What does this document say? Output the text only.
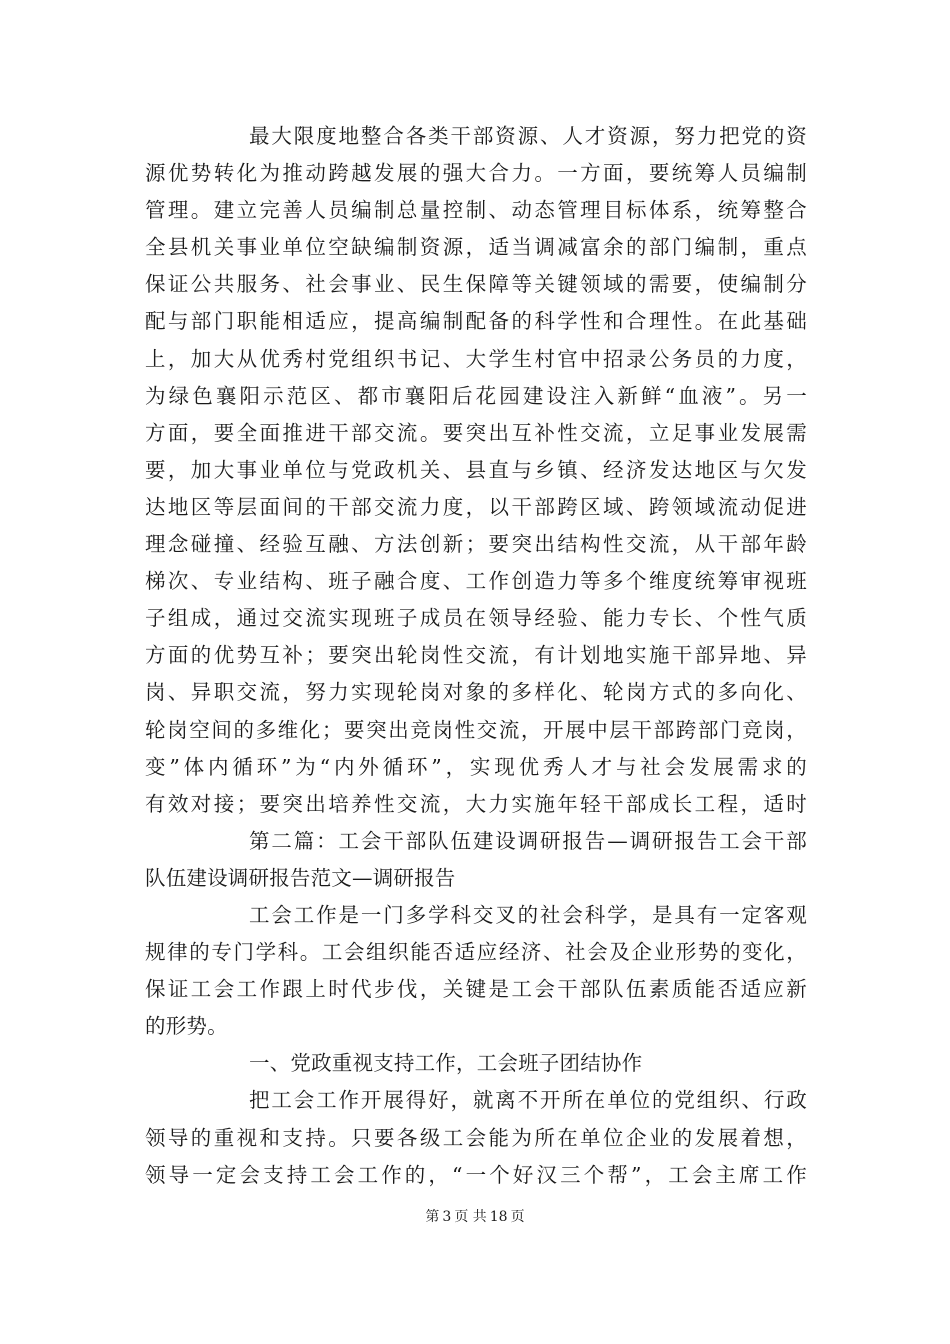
最大限度地整合各类干部资源、人才资源，努力把党的资
源优势转化为推动跨越发展的强大合力。一方面，要统筹人员编制
管理。建立完善人员编制总量控制、动态管理目标体系，统筹整合
全县机关事业单位空缺编制资源，适当调减富余的部门编制，重点
保证公共服务、社会事业、民生保障等关键领域的需要，使编制分
配与部门职能相适应，提高编制配备的科学性和合理性。在此基础
上，加大从优秀村党组织书记、大学生村官中招录公务员的力度，
为绿色襄阳示范区、都市襄阳后花园建设注入新鲜“血液”。另一
方面，要全面推进干部交流。要突出互补性交流，立足事业发展需
要，加大事业单位与党政机关、县直与乡镇、经济发达地区与欠发
达地区等层面间的干部交流力度，以干部跨区域、跨领域流动促进
理念碰撞、经验互融、方法创新；要突出结构性交流，从干部年龄
梯次、专业结构、班子融合度、工作创造力等多个维度统筹审视班
子组成，通过交流实现班子成员在领导经验、能力专长、个性气质
方面的优势互补；要突出轮岗性交流，有计划地实施干部异地、异
岗、异职交流，努力实现轮岗对象的多样化、轮岗方式的多向化、
轮岗空间的多维化；要突出竞岗性交流，开展中层干部跨部门竞岗，
变”体内循环”为“内外循环”，实现优秀人才与社会发展需求的
有效对接；要突出培养性交流，大力实施年轻干部成长工程，适时
第二篇：工会干部队伍建设调研报告—调研报告工会干部
队伍建设调研报告范文—调研报告
工会工作是一门多学科交叉的社会科学，是具有一定客观
规律的专门学科。工会组织能否适应经济、社会及企业形势的变化，
保证工会工作跟上时代步伐，关键是工会干部队伍素质能否适应新
的形势。
一、党政重视支持工作，工会班子团结协作
把工会工作开展得好，就离不开所在单位的党组织、行政
领导的重视和支持。只要各级工会能为所在单位企业的发展着想，
领导一定会支持工会工作的，“一个好汉三个帮”，工会主席工作
第 3 页 共 18 页
